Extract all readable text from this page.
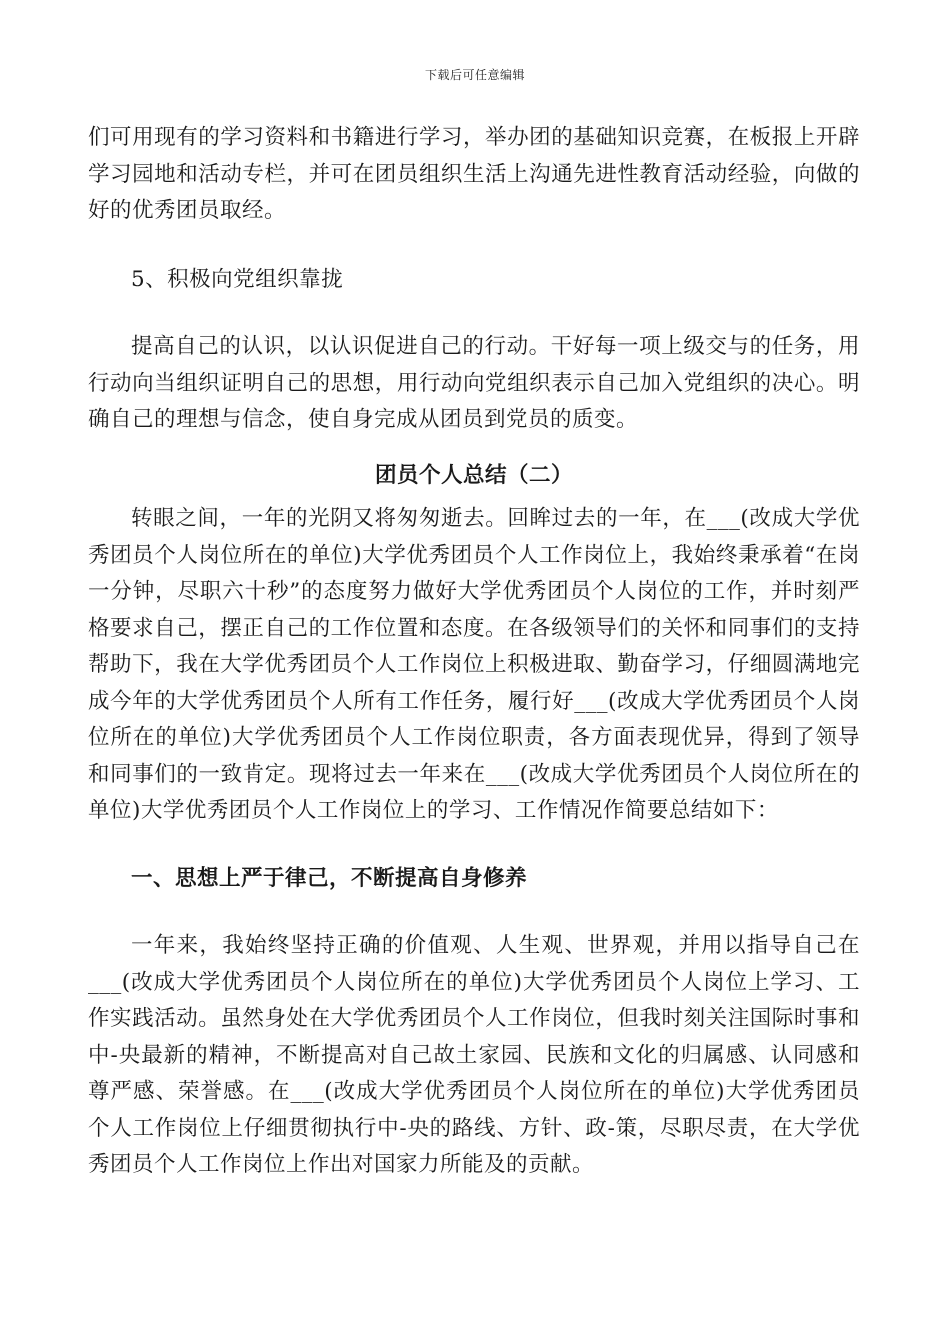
下载后可任意编辑

们可用现有的学习资料和书籍进行学习，举办团的基础知识竞赛，在板报上开辟学习园地和活动专栏，并可在团员组织生活上沟通先进性教育活动经验，向做的好的优秀团员取经。

5、积极向党组织靠拢

提高自己的认识，以认识促进自己的行动。干好每一项上级交与的任务，用行动向当组织证明自己的思想，用行动向党组织表示自己加入党组织的决心。明确自己的理想与信念，使自身完成从团员到党员的质变。

团员个人总结（二）

转眼之间，一年的光阴又将匆匆逝去。回眸过去的一年，在___(改成大学优秀团员个人岗位所在的单位)大学优秀团员个人工作岗位上，我始终秉承着“在岗一分钟，尽职六十秒”的态度努力做好大学优秀团员个人岗位的工作，并时刻严格要求自己，摆正自己的工作位置和态度。在各级领导们的关怀和同事们的支持帮助下，我在大学优秀团员个人工作岗位上积极进取、勤奋学习，仔细圆满地完成今年的大学优秀团员个人所有工作任务，履行好___(改成大学优秀团员个人岗位所在的单位)大学优秀团员个人工作岗位职责，各方面表现优异，得到了领导和同事们的一致肯定。现将过去一年来在___(改成大学优秀团员个人岗位所在的单位)大学优秀团员个人工作岗位上的学习、工作情况作简要总结如下：

一、思想上严于律己，不断提高自身修养

一年来，我始终坚持正确的价值观、人生观、世界观，并用以指导自己在___(改成大学优秀团员个人岗位所在的单位)大学优秀团员个人岗位上学习、工作实践活动。虽然身处在大学优秀团员个人工作岗位，但我时刻关注国际时事和中-央最新的精神，不断提高对自己故土家园、民族和文化的归属感、认同感和尊严感、荣誉感。在___(改成大学优秀团员个人岗位所在的单位)大学优秀团员个人工作岗位上仔细贯彻执行中-央的路线、方针、政-策，尽职尽责，在大学优秀团员个人工作岗位上作出对国家力所能及的贡献。
